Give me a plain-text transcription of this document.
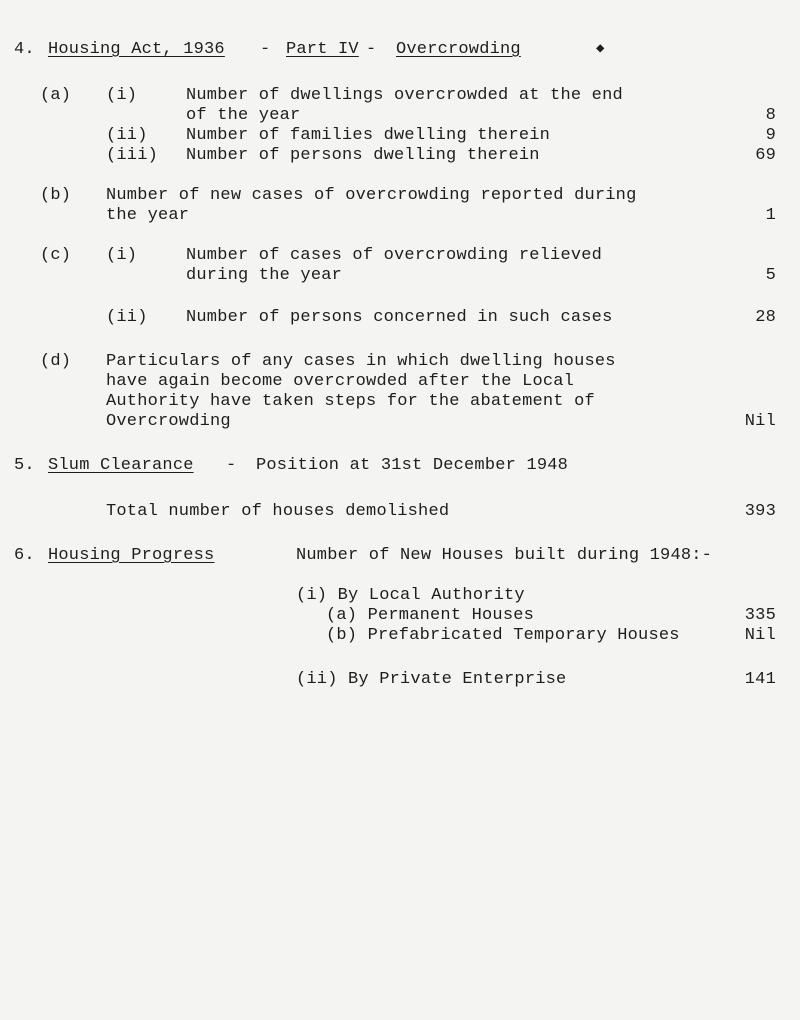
4. Housing Act, 1936 - Part IV - Overcrowding	◆
(a) (i)	Number of dwellings overcrowded at the end
of the year	8
(ii) Number of families dwelling therein	9
(iii) Number of persons dwelling therein	69
(b) Number of new cases of overcrowding reported during
the year	1
(c) (i)	Number of cases of overcrowding relieved
during the year	5
(ii) Number of persons concerned in such cases	28
(d) Particulars of any cases in which dwelling houses
have again become overcrowded after the Local
Authority have taken steps for the abatement of
Overcrowding	Nil
5. Slum Clearance - Position at 31st December 1948
Total number of houses demolished	393
6. Housing Progress	Number of New Houses built during 1948:-
(i) By Local Authority
(a) Permanent Houses	335
(b) Prefabricated Temporary Houses	Nil
(ii) By Private Enterprise	141
